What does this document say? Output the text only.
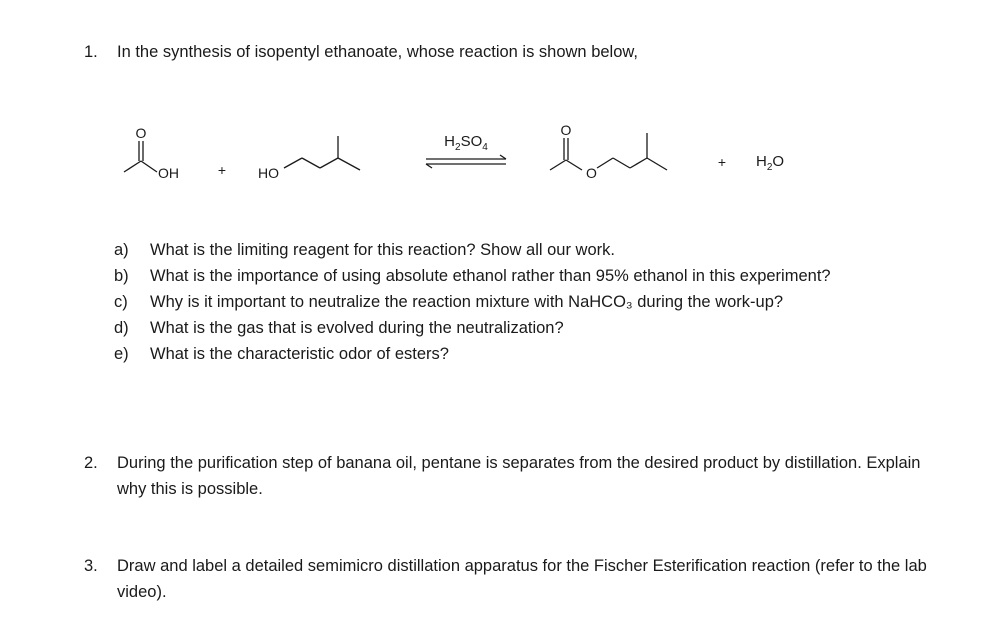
1.	In the synthesis of isopentyl ethanoate, whose reaction is shown below,
O
OH	+ HO
$H_2SO_4$
O
O
+ $H_2O$
a) What is the limiting reagent for this reaction? Show all our work.
b) What is the importance of using absolute ethanol rather than 95% ethanol in this experiment?
c) Why is it important to neutralize the reaction mixture with NaHCO₃ during the work-up?
d) What is the gas that is evolved during the neutralization?
e) What is the characteristic odor of esters?
2.	During the purification step of banana oil, pentane is separates from the desired product by distillation. Explain why this is possible.
3.	Draw and label a detailed semimicro distillation apparatus for the Fischer Esterification reaction (refer to the lab video).
